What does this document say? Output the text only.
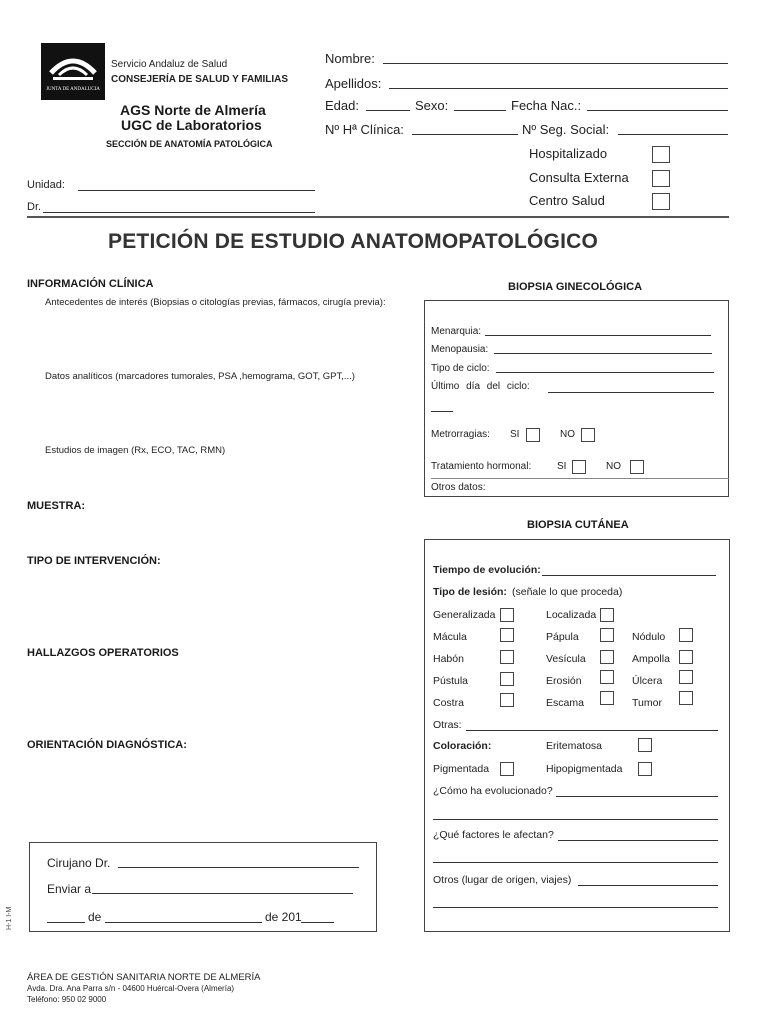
JUNTA DE ANDALUCIA
Servicio Andaluz de Salud
CONSEJERÍA DE SALUD Y FAMILIAS
AGS Norte de Almería
UGC de Laboratorios
SECCIÓN DE ANATOMÍA PATOLÓGICA
Nombre:
Apellidos:
Edad:	Sexo:	Fecha Nac.:
Nº Hª Clínica:	Nº Seg. Social:
Hospitalizado
Consulta Externa
Centro Salud
Unidad:
Dr.
PETICIÓN DE ESTUDIO ANATOMOPATOLÓGICO
INFORMACIÓN CLÍNICA
Antecedentes de interés (Biopsias o citologías previas, fármacos, cirugía previa):
Datos analíticos (marcadores tumorales, PSA ,hemograma, GOT, GPT,...)
Estudios de imagen (Rx, ECO, TAC, RMN)
MUESTRA:
TIPO DE INTERVENCIÓN:
HALLAZGOS OPERATORIOS
ORIENTACIÓN DIAGNÓSTICA:
Cirujano Dr.
Enviar a
de	de 201
H-1 I-M
ÁREA DE GESTIÓN SANITARIA NORTE DE ALMERÍA
Avda. Dra. Ana Parra s/n - 04600 Huércal-Overa (Almería)
Teléfono: 950 02 9000
BIOPSIA GINECOLÓGICA
Menarquia:
Menopausia:
Tipo de ciclo:
Último día del ciclo:
Metrorragias: SI	NO
Tratamiento hormonal:	SI	NO
Otros datos:
BIOPSIA CUTÁNEA
Tiempo de evolución:
Tipo de lesión: (señale lo que proceda)
Generalizada	Localizada
Mácula	Pápula	Nódulo
Habón	Vesícula	Ampolla
Pústula	Erosión	Úlcera
Costra	Escama	Tumor
Otras:
Coloración:	Eritematosa
Pigmentada	Hipopigmentada
¿Cómo ha evolucionado?
¿Qué factores le afectan?
Otros (lugar de origen, viajes)
